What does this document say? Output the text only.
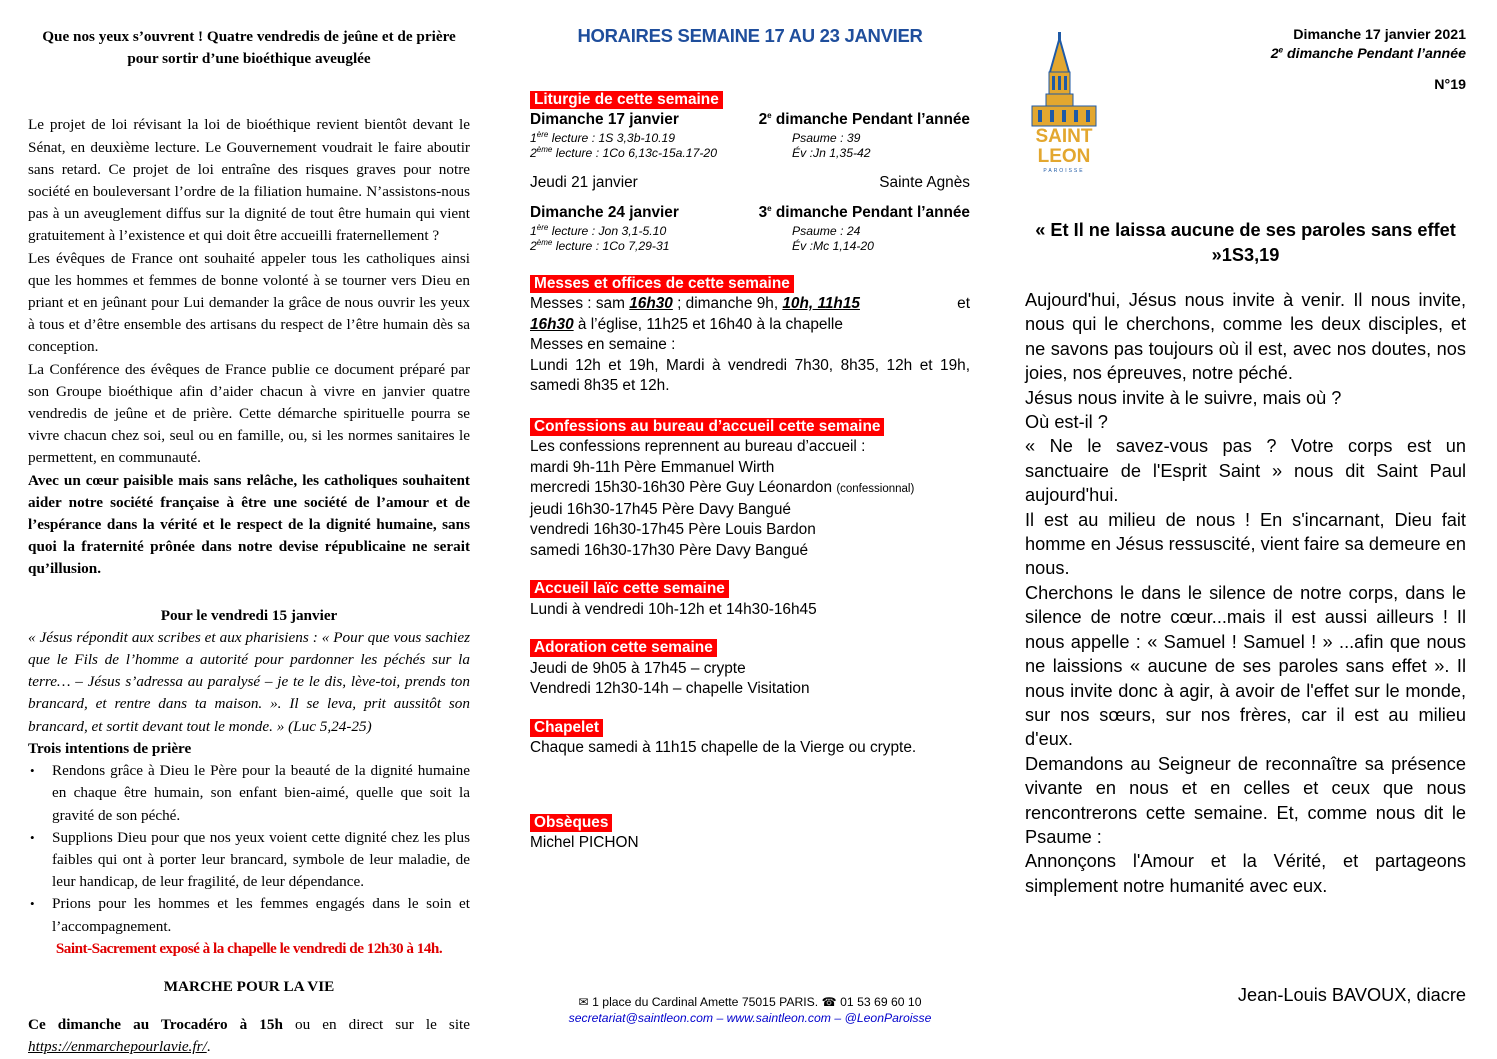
Que nos yeux s’ouvrent ! Quatre vendredis de jeûne et de prière pour sortir d’une bioéthique aveuglée

Le projet de loi révisant la loi de bioéthique revient bientôt devant le Sénat, en deuxième lecture. Le Gouvernement voudrait le faire aboutir sans retard. Ce projet de loi entraîne des risques graves pour notre société en bouleversant l’ordre de la filiation humaine. N’assistons-nous pas à un aveuglement diffus sur la dignité de tout être humain qui vient gratuitement à l’existence et qui doit être accueilli fraternellement ?

Les évêques de France ont souhaité appeler tous les catholiques ainsi que les hommes et femmes de bonne volonté à se tourner vers Dieu en priant et en jeûnant pour Lui demander la grâce de nous ouvrir les yeux à tous et d’être ensemble des artisans du respect de l’être humain dès sa conception.

La Conférence des évêques de France publie ce document préparé par son Groupe bioéthique afin d’aider chacun à vivre en janvier quatre vendredis de jeûne et de prière. Cette démarche spirituelle pourra se vivre chacun chez soi, seul ou en famille, ou, si les normes sanitaires le permettent, en communauté.

Avec un cœur paisible mais sans relâche, les catholiques souhaitent aider notre société française à être une société de l’amour et de l’espérance dans la vérité et le respect de la dignité humaine, sans quoi la fraternité prônée dans notre devise républicaine ne serait qu’illusion.

Pour le vendredi 15 janvier

« Jésus répondit aux scribes et aux pharisiens : « Pour que vous sachiez que le Fils de l’homme a autorité pour pardonner les péchés sur la terre… – Jésus s’adressa au paralysé – je te le dis, lève-toi, prends ton brancard, et rentre dans ta maison. ». Il se leva, prit aussitôt son brancard, et sortit devant tout le monde. » (Luc 5,24-25)

Trois intentions de prière
• Rendons grâce à Dieu le Père pour la beauté de la dignité humaine en chaque être humain, son enfant bien-aimé, quelle que soit la gravité de son péché.
• Supplions Dieu pour que nos yeux voient cette dignité chez les plus faibles qui ont à porter leur brancard, symbole de leur maladie, de leur handicap, de leur fragilité, de leur dépendance.
• Prions pour les hommes et les femmes engagés dans le soin et l’accompagnement.
Saint-Sacrement exposé à la chapelle le vendredi de 12h30 à 14h.
MARCHE POUR LA VIE

Ce dimanche au Trocadéro à 15h ou en direct sur le site https://enmarchepourlavie.fr/.

HORAIRES SEMAINE 17 AU 23 JANVIER
Liturgie de cette semaine
Dimanche 17 janvier	2e dimanche Pendant l’année
1ère lecture : 1S 3,3b-10.19	Psaume : 39
2ème lecture : 1Co 6,13c-15a.17-20	Év :Jn 1,35-42
Jeudi 21 janvier	Sainte Agnès
Dimanche 24 janvier	3e dimanche Pendant l’année
1ère lecture : Jon 3,1-5.10	Psaume : 24
2ème lecture : 1Co 7,29-31	Év :Mc 1,14-20
Messes et offices de cette semaine
Messes : sam 16h30 ; dimanche 9h, 10h, 11h15	et
16h30 à l’église, 11h25 et 16h40 à la chapelle
Messes en semaine :
Lundi 12h et 19h, Mardi à vendredi 7h30, 8h35, 12h et 19h, samedi 8h35 et 12h.
Confessions au bureau d’accueil cette semaine
Les confessions reprennent au bureau d’accueil :
mardi 9h-11h Père Emmanuel Wirth
mercredi 15h30-16h30 Père Guy Léonardon (confessionnal)
jeudi 16h30-17h45 Père Davy Bangué
vendredi 16h30-17h45 Père Louis Bardon
samedi 16h30-17h30 Père Davy Bangué
Accueil laïc cette semaine
Lundi à vendredi 10h-12h et 14h30-16h45
Adoration cette semaine
Jeudi de 9h05 à 17h45 – crypte
Vendredi 12h30-14h – chapelle Visitation
Chapelet
Chaque samedi à 11h15 chapelle de la Vierge ou crypte.
Obsèques
Michel PICHON
✉ 1 place du Cardinal Amette 75015 PARIS. ☎ 01 53 69 60 10
secretariat@saintleon.com – www.saintleon.com – @LeonParoisse
SAINT
LEON
PAROISSE
Dimanche 17 janvier 2021
2e dimanche Pendant l’année
N°19
« Et Il ne laissa aucune de ses paroles sans effet »1S3,19

Aujourd'hui, Jésus nous invite à venir. Il nous invite, nous qui le cherchons, comme les deux disciples, et ne savons pas toujours où il est, avec nos doutes, nos joies, nos épreuves, notre péché.

Jésus nous invite à le suivre, mais où ?

Où est-il ?

« Ne le savez-vous pas ? Votre corps est un sanctuaire de l'Esprit Saint » nous dit Saint Paul aujourd'hui.

Il est au milieu de nous ! En s'incarnant, Dieu fait homme en Jésus ressuscité, vient faire sa demeure en nous.

Cherchons le dans le silence de notre corps, dans le silence de notre cœur...mais il est aussi ailleurs ! Il nous appelle : « Samuel ! Samuel ! » ...afin que nous ne laissions « aucune de ses paroles sans effet ». Il nous invite donc à agir, à avoir de l'effet sur le monde, sur nos sœurs, sur nos frères, car il est au milieu d'eux.

Demandons au Seigneur de reconnaître sa présence vivante en nous et en celles et ceux que nous rencontrerons cette semaine. Et, comme nous dit le Psaume :

Annonçons l'Amour et la Vérité, et partageons simplement notre humanité avec eux.

Jean-Louis BAVOUX, diacre
